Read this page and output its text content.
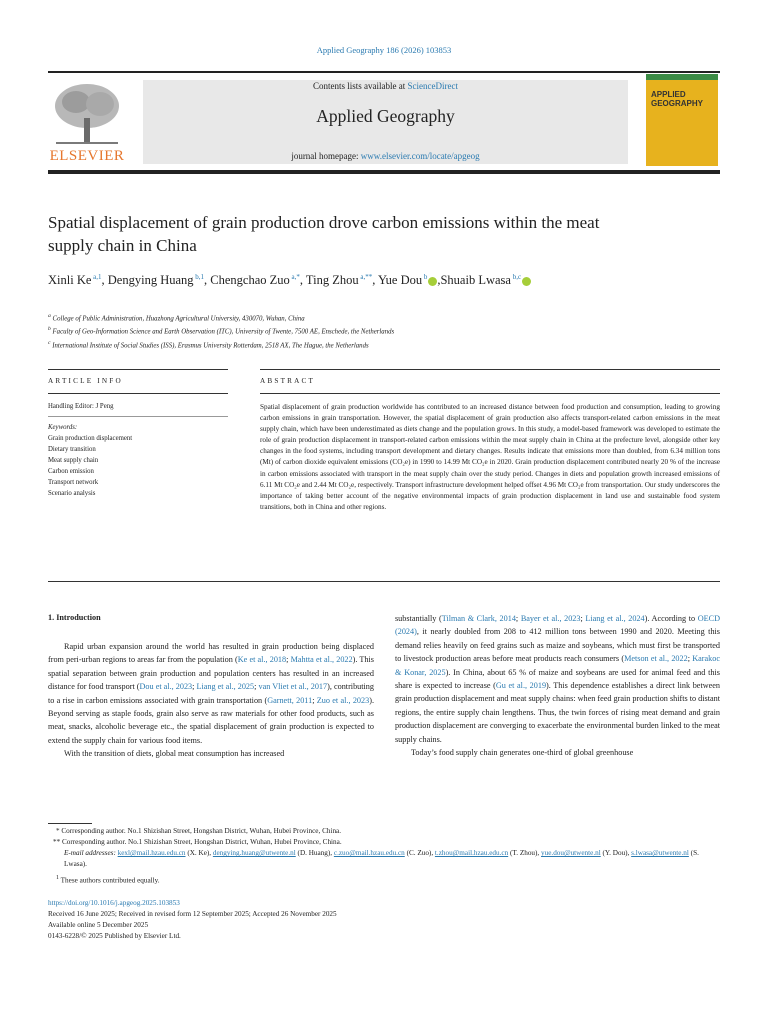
Applied Geography 186 (2026) 103853
ELSEVIER
Contents lists available at ScienceDirect
Applied Geography
journal homepage: www.elsevier.com/locate/apgeog
APPLIED
GEOGRAPHY
Spatial displacement of grain production drove carbon emissions within the meat supply chain in China
Xinli Ke $^{a,1}$, Dengying Huang $^{b,1}$, Chengchao Zuo $^{a,*}$, Ting Zhou $^{a,**}$, Yue Dou $^b$ ,Shuaib Lwasa $^{b,c}$
$^a$ College of Public Administration, Huazhong Agricultural University, 430070, Wuhan, China
$^b$ Faculty of Geo-Information Science and Earth Observation (ITC), University of Twente, 7500 AE, Enschede, the Netherlands
$^c$ International Institute of Social Studies (ISS), Erasmus University Rotterdam, 2518 AX, The Hague, the Netherlands
ARTICLE INFO	ABSTRACT
Handling Editor: J Peng
Keywords:
Grain production displacement
Dietary transition
Meat supply chain
Carbon emission
Transport network
Scenario analysis
Spatial displacement of grain production worldwide has contributed to an increased distance between food production and consumption, leading to growing carbon emissions in grain transportation. However, the spatial displacement of grain production also affects transport-related carbon emissions in the meat supply chain, which have been underestimated as diets change and the population grows. In this study, a model-based framework was developed to estimate the role of grain production displacement in transport-related carbon emissions within the meat supply chain in China at the prefecture level, alongside other key changes in the food systems, including transport development and dietary changes. Results indicate that emissions more than doubled, from 6.34 million tons (Mt) of carbon dioxide equivalent emissions (CO₂e) in 1990 to 14.99 Mt CO₂e in 2020. Grain production displacement contributed nearly 20 % of the increase in carbon emissions associated with transport in the meat supply chain over the study period. Changes in diets and population growth increased emissions of 6.11 Mt CO₂e and 2.44 Mt CO₂e, respectively. Transport infrastructure development helped offset 4.96 Mt CO₂e from transportation. Our study underscores the importance of taking better account of the negative environmental impacts of grain production displacement in land use and sustainable food system transitions, both in China and other regions.
1. Introduction

Rapid urban expansion around the world has resulted in grain production being displaced from peri-urban regions to areas far from the population (Ke et al., 2018; Mahtta et al., 2022). This spatial separation between grain production and population centers has resulted in an increased distance for food transport (Dou et al., 2023; Liang et al., 2025; van Vliet et al., 2017), contributing to a rise in carbon emissions associated with grain transportation (Garnett, 2011; Zuo et al., 2023). Beyond serving as staple foods, grain also serve as raw materials for other food products, such as meat, snacks, alcoholic beverage etc., the spatial displacement of grain production is expected to extend the supply chain for various food items.

With the transition of diets, global meat consumption has increased

substantially (Tilman & Clark, 2014; Bayer et al., 2023; Liang et al., 2024). According to OECD (2024), it nearly doubled from 208 to 412 million tons between 1990 and 2020. Meeting this demand relies heavily on feed grains such as maize and soybeans, which must first be transported to livestock production areas before meat products reach consumers (Metson et al., 2022; Karakoc & Konar, 2025). In China, about 65 % of maize and soybeans are used for animal feed and this share is expected to increase (Gu et al., 2019). This dependence establishes a direct link between grain production displacement and meat supply chains: when feed grain production shifts to distant regions, the entire supply chain lengthens. Thus, the twin forces of rising meat demand and grain production displacement are converging to exacerbate the environmental burden linked to the meat supply chains.

Today’s food supply chain generates one-third of global greenhouse

* Corresponding author. No.1 Shizishan Street, Hongshan District, Wuhan, Hubei Province, China.
** Corresponding author. No.1 Shizishan Street, Hongshan District, Wuhan, Hubei Province, China.
E-mail addresses: kexl@mail.hzau.edu.cn (X. Ke), dengying.huang@utwente.nl (D. Huang), c.zuo@mail.hzau.edu.cn (C. Zuo), t.zhou@mail.hzau.edu.cn (T. Zhou), yue.dou@utwente.nl (Y. Dou), s.lwasa@utwente.nl (S. Lwasa).
$^1$ These authors contributed equally.
https://doi.org/10.1016/j.apgeog.2025.103853
Received 16 June 2025; Received in revised form 12 September 2025; Accepted 26 November 2025
Available online 5 December 2025
0143-6228/© 2025 Published by Elsevier Ltd.
